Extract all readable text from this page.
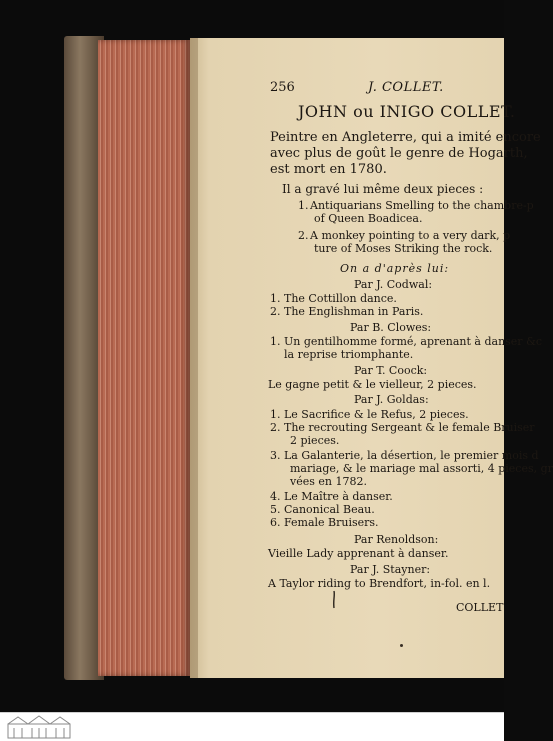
256	J. COLLET.
JOHN ou INIGO COLLET.
Peintre en Angleterre, qui a imité encore
avec plus de goût le genre de Hogarth,
est mort en 1780.
Il a gravé lui même deux pieces :
1. Antiquarians Smelling to the chambre-p
of Queen Boadicea.
2. A monkey pointing to a very dark, p
ture of Moses Striking the rock.
On a d'après lui:
Par J. Codwal:
1. The Cottillon dance.
2. The Englishman in Paris.
Par B. Clowes:
1. Un gentilhomme formé, aprenant à danser &c
la reprise triomphante.
Par T. Coock:
Le gagne petit & le vielleur, 2 pieces.
Par J. Goldas:
1. Le Sacrifice & le Refus, 2 pieces.
2. The recrouting Sergeant & le female Bruiser
2 pieces.
3. La Galanterie, la désertion, le premier mois d
mariage, & le mariage mal assorti, 4 pieces, gr
vées en 1782.
4. Le Maître à danser.
5. Canonical Beau.
6. Female Bruisers.
Par Renoldson:
Vieille Lady apprenant à danser.
Par J. Stayner:
A Taylor riding to Brendfort, in-fol. en l.
COLLET
